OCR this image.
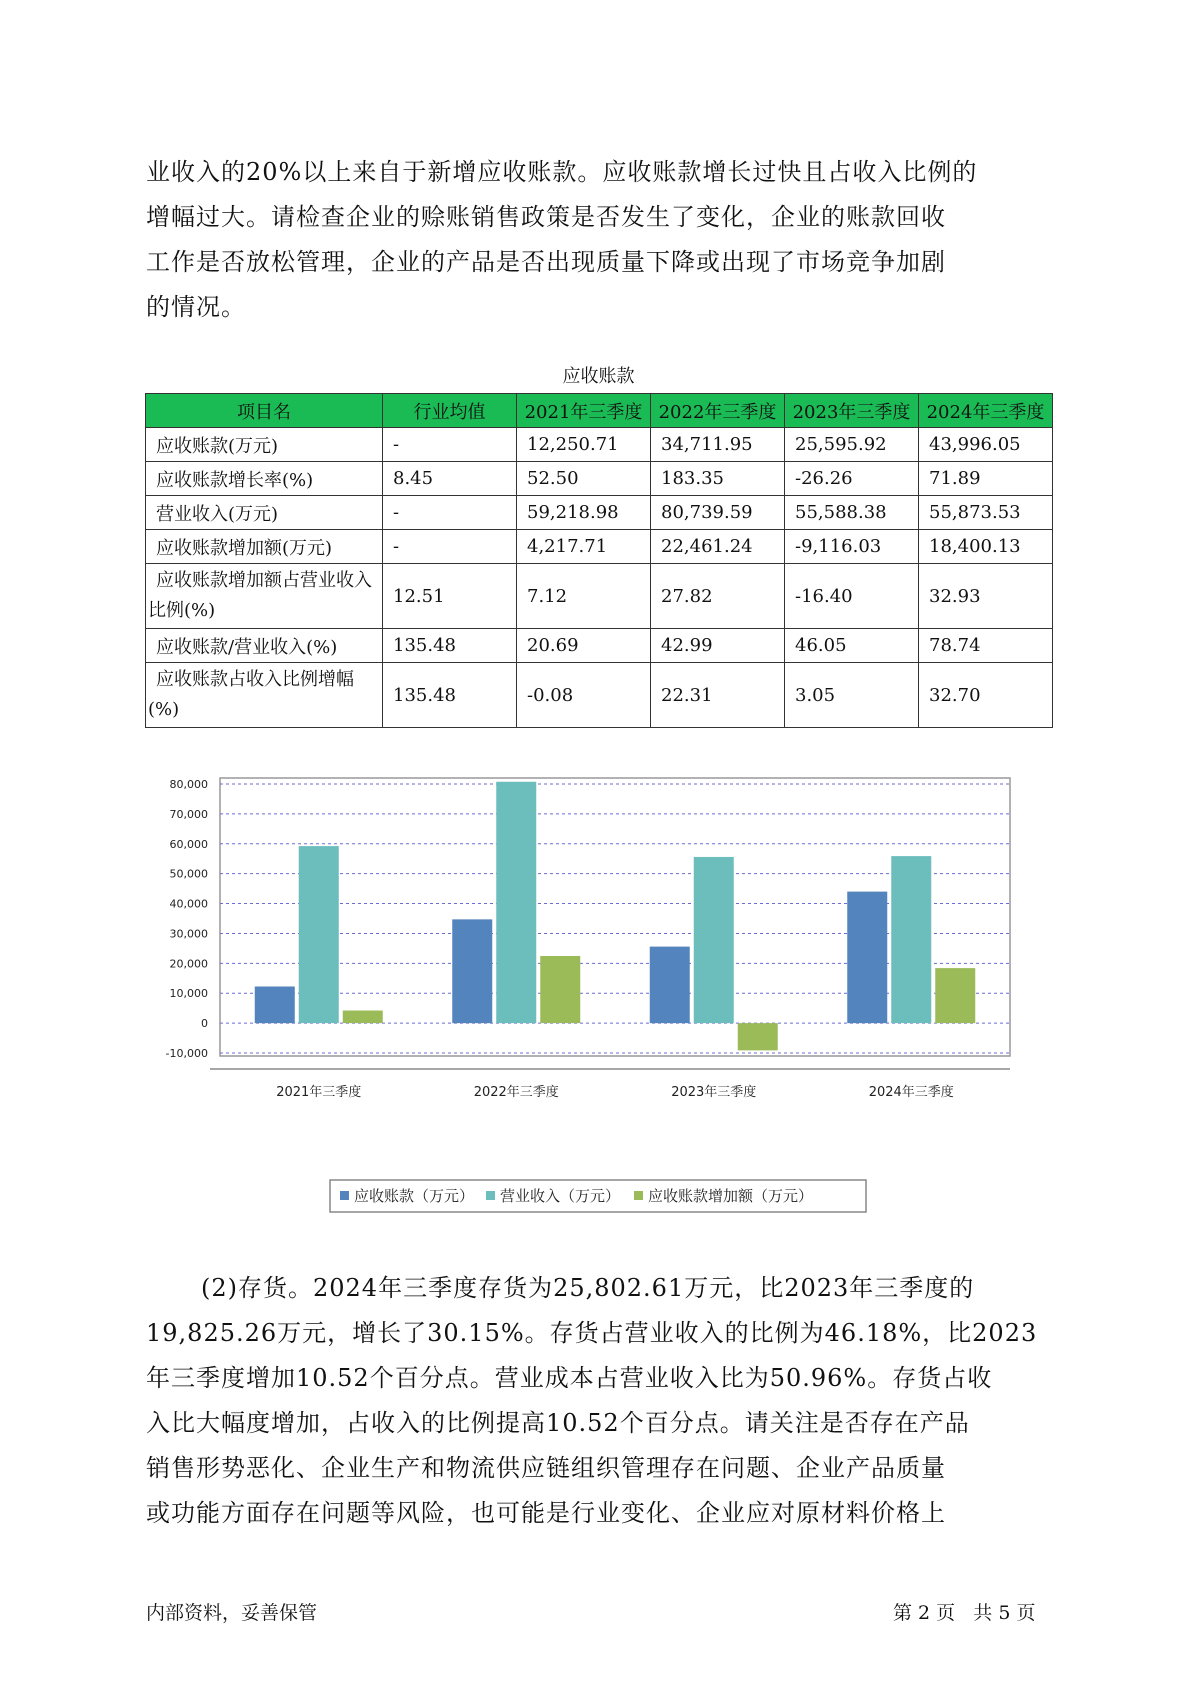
业收入的20%以上来自于新增应收账款。应收账款增长过快且占收入比例的

增幅过大。请检查企业的赊账销售政策是否发生了变化，企业的账款回收

工作是否放松管理，企业的产品是否出现质量下降或出现了市场竞争加剧

的情况。

应收账款
项目名	行业均值	2021年三季度	2022年三季度	2023年三季度	2024年三季度
应收账款(万元)	-	12,250.71	34,711.95	25,595.92	43,996.05
应收账款增长率(%)	8.45	52.50	183.35	-26.26	71.89
营业收入(万元)	-	59,218.98	80,739.59	55,588.38	55,873.53
应收账款增加额(万元)	-	4,217.71	22,461.24	-9,116.03	18,400.13
应收账款增加额占营业收入比例(%)	12.51	7.12	27.82	-16.40	32.93
应收账款/营业收入(%)	135.48	20.69	42.99	46.05	78.74
应收账款占收入比例增幅(%)	135.48	-0.08	22.31	3.05	32.70
80,000
70,000
60,000
50,000
40,000
30,000
20,000
10,000
0
-10,000
2021年三季度	2022年三季度	2023年三季度	2024年三季度
应收账款（万元） 营业收入（万元） 应收账款增加额（万元）

(2)存货。2024年三季度存货为25,802.61万元，比2023年三季度的

19,825.26万元，增长了30.15%。存货占营业收入的比例为46.18%，比2023

年三季度增加10.52个百分点。营业成本占营业收入比为50.96%。存货占收

入比大幅度增加，占收入的比例提高10.52个百分点。请关注是否存在产品

销售形势恶化、企业生产和物流供应链组织管理存在问题、企业产品质量

或功能方面存在问题等风险，也可能是行业变化、企业应对原材料价格上

内部资料，妥善保管	第 2 页   共 5 页
